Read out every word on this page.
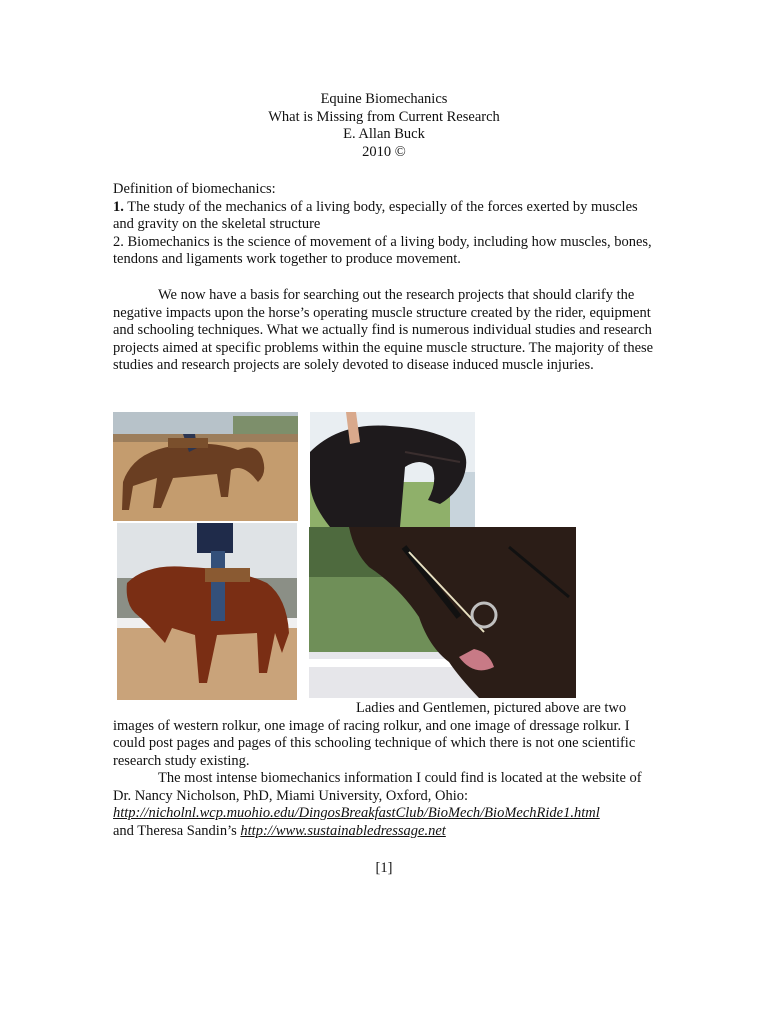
Equine Biomechanics
What is Missing from Current Research
E. Allan Buck
2010 ©

Definition of biomechanics:

1. The study of the mechanics of a living body, especially of the forces exerted by muscles and gravity on the skeletal structure

2. Biomechanics is the science of movement of a living body, including how muscles, bones, tendons and ligaments work together to produce movement.

We now have a basis for searching out the research projects that should clarify the negative impacts upon the horse’s operating muscle structure created by the rider, equipment and schooling techniques. What we actually find is numerous individual studies and research projects aimed at specific problems within the equine muscle structure. The majority of these studies and research projects are solely devoted to disease induced muscle injuries.

Ladies and Gentlemen, pictured above are two

images of western rolkur, one image of racing rolkur, and one image of dressage rolkur. I could post pages and pages of this schooling technique of which there is not one scientific research study existing.

The most intense biomechanics information I could find is located at the website of Dr. Nancy Nicholson, PhD, Miami University, Oxford, Ohio:

http://nicholnl.wcp.muohio.edu/DingosBreakfastClub/BioMech/BioMechRide1.html

and Theresa Sandin’s http://www.sustainabledressage.net

[1]
